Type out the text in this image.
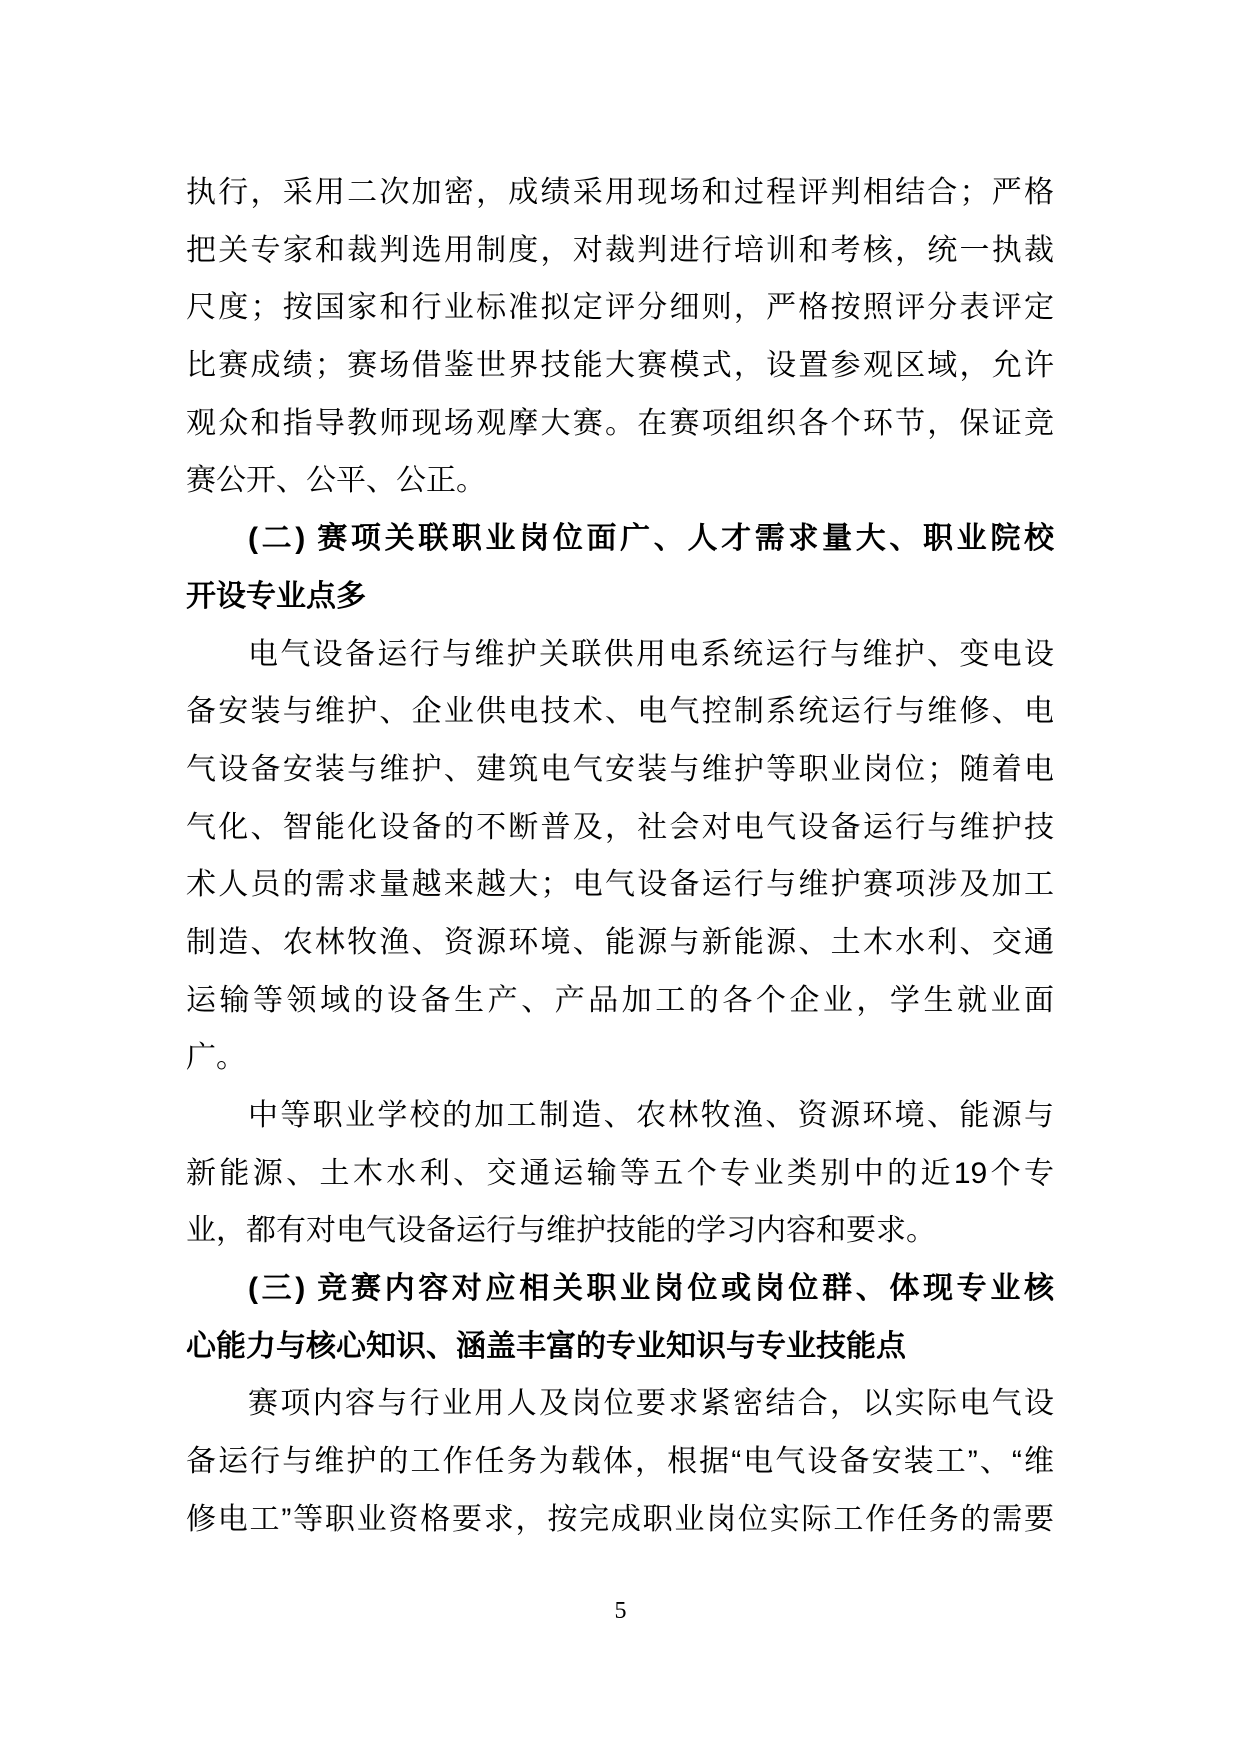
执行，采用二次加密，成绩采用现场和过程评判相结合；严格
把关专家和裁判选用制度，对裁判进行培训和考核，统一执裁
尺度；按国家和行业标准拟定评分细则，严格按照评分表评定
比赛成绩；赛场借鉴世界技能大赛模式，设置参观区域，允许
观众和指导教师现场观摩大赛。在赛项组织各个环节，保证竞
赛公开、公平、公正。
(二) 赛项关联职业岗位面广、人才需求量大、职业院校
开设专业点多
电气设备运行与维护关联供用电系统运行与维护、变电设
备安装与维护、企业供电技术、电气控制系统运行与维修、电
气设备安装与维护、建筑电气安装与维护等职业岗位；随着电
气化、智能化设备的不断普及，社会对电气设备运行与维护技
术人员的需求量越来越大；电气设备运行与维护赛项涉及加工
制造、农林牧渔、资源环境、能源与新能源、土木水利、交通
运输等领域的设备生产、产品加工的各个企业，学生就业面
广。
中等职业学校的加工制造、农林牧渔、资源环境、能源与
新能源、土木水利、交通运输等五个专业类别中的近19个专
业，都有对电气设备运行与维护技能的学习内容和要求。
(三) 竞赛内容对应相关职业岗位或岗位群、体现专业核
心能力与核心知识、涵盖丰富的专业知识与专业技能点
赛项内容与行业用人及岗位要求紧密结合，以实际电气设
备运行与维护的工作任务为载体，根据“电气设备安装工”、“维
修电工”等职业资格要求，按完成职业岗位实际工作任务的需要
5
